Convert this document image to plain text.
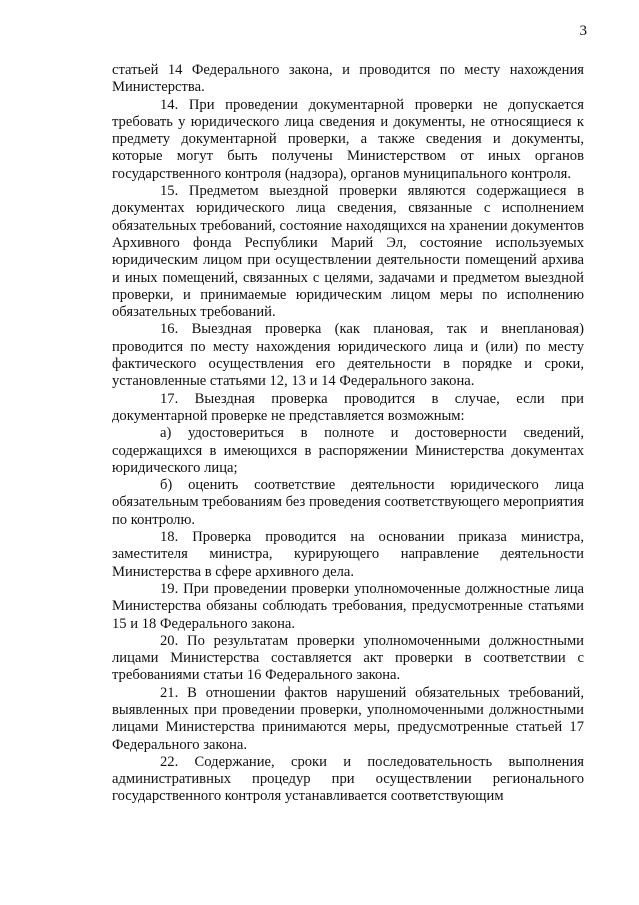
3

статьей 14 Федерального закона, и проводится по месту нахождения Министерства.

14. При проведении документарной проверки не допускается требовать у юридического лица сведения и документы, не относящиеся к предмету документарной проверки, а также сведения и документы, которые могут быть получены Министерством от иных органов государственного контроля (надзора), органов муниципального контроля.

15. Предметом выездной проверки являются содержащиеся в документах юридического лица сведения, связанные с исполнением обязательных требований, состояние находящихся на хранении документов Архивного фонда Республики Марий Эл, состояние используемых юридическим лицом при осуществлении деятельности помещений архива и иных помещений, связанных с целями, задачами и предметом выездной проверки, и принимаемые юридическим лицом меры по исполнению обязательных требований.

16. Выездная проверка (как плановая, так и внеплановая) проводится по месту нахождения юридического лица и (или) по месту фактического осуществления его деятельности в порядке и сроки, установленные статьями 12, 13 и 14 Федерального закона.

17. Выездная проверка проводится в случае, если при документарной проверке не представляется возможным:

а) удостовериться в полноте и достоверности сведений, содержащихся в имеющихся в распоряжении Министерства документах юридического лица;

б) оценить соответствие деятельности юридического лица обязательным требованиям без проведения соответствующего мероприятия по контролю.

18. Проверка проводится на основании приказа министра, заместителя министра, курирующего направление деятельности Министерства в сфере архивного дела.

19. При проведении проверки уполномоченные должностные лица Министерства обязаны соблюдать требования, предусмотренные статьями 15 и 18 Федерального закона.

20. По результатам проверки уполномоченными должностными лицами Министерства составляется акт проверки в соответствии с требованиями статьи 16 Федерального закона.

21. В отношении фактов нарушений обязательных требований, выявленных при проведении проверки, уполномоченными должностными лицами Министерства принимаются меры, предусмотренные статьей 17 Федерального закона.

22. Содержание, сроки и последовательность выполнения административных процедур при осуществлении регионального государственного контроля устанавливается соответствующим
